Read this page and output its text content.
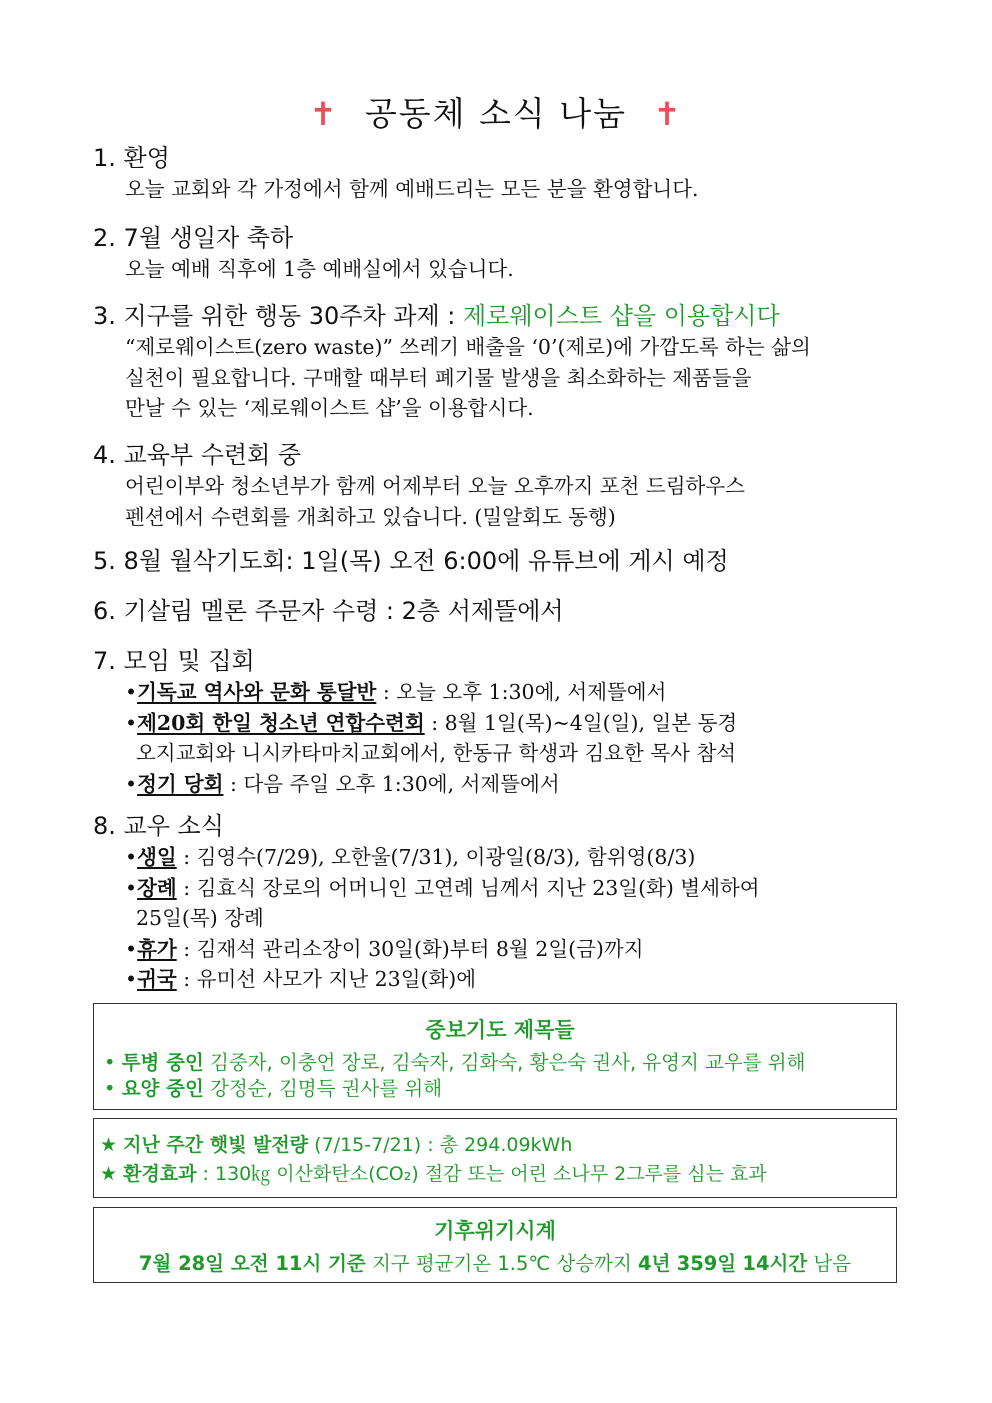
✝ 공동체 소식 나눔 ✝
1. 환영
오늘 교회와 각 가정에서 함께 예배드리는 모든 분을 환영합니다.
2. 7월 생일자 축하
오늘 예배 직후에 1층 예배실에서 있습니다.
3. 지구를 위한 행동 30주차 과제 : 제로웨이스트 샵을 이용합시다
“제로웨이스트(zero waste)” 쓰레기 배출을 ‘0’(제로)에 가깝도록 하는 삶의
실천이 필요합니다. 구매할 때부터 폐기물 발생을 최소화하는 제품들을
만날 수 있는 ‘제로웨이스트 샵’을 이용합시다.
4. 교육부 수련회 중
어린이부와 청소년부가 함께 어제부터 오늘 오후까지 포천 드림하우스
펜션에서 수련회를 개최하고 있습니다. (밀알회도 동행)
5. 8월 월삭기도회: 1일(목) 오전 6:00에 유튜브에 게시 예정
6. 기살림 멜론 주문자 수령 : 2층 서제뜰에서
7. 모임 및 집회
•기독교 역사와 문화 통달반 : 오늘 오후 1:30에, 서제뜰에서
•제20회 한일 청소년 연합수련회 : 8월 1일(목)~4일(일), 일본 동경
오지교회와 니시카타마치교회에서, 한동규 학생과 김요한 목사 참석
•정기 당회 : 다음 주일 오후 1:30에, 서제뜰에서
8. 교우 소식
•생일 : 김영수(7/29), 오한울(7/31), 이광일(8/3), 함위영(8/3)
•장례 : 김효식 장로의 어머니인 고연례 님께서 지난 23일(화) 별세하여
25일(목) 장례
•휴가 : 김재석 관리소장이 30일(화)부터 8월 2일(금)까지
•귀국 : 유미선 사모가 지난 23일(화)에
중보기도 제목들
• 투병 중인 김중자, 이충언 장로, 김숙자, 김화숙, 황은숙 권사, 유영지 교우를 위해
• 요양 중인 강정순, 김명득 권사를 위해
★ 지난 주간 햇빛 발전량 (7/15-7/21) : 총 294.09kWh
★ 환경효과 : 130㎏ 이산화탄소(CO₂) 절감 또는 어린 소나무 2그루를 심는 효과
기후위기시계
7월 28일 오전 11시 기준 지구 평균기온 1.5℃ 상승까지 4년 359일 14시간 남음
